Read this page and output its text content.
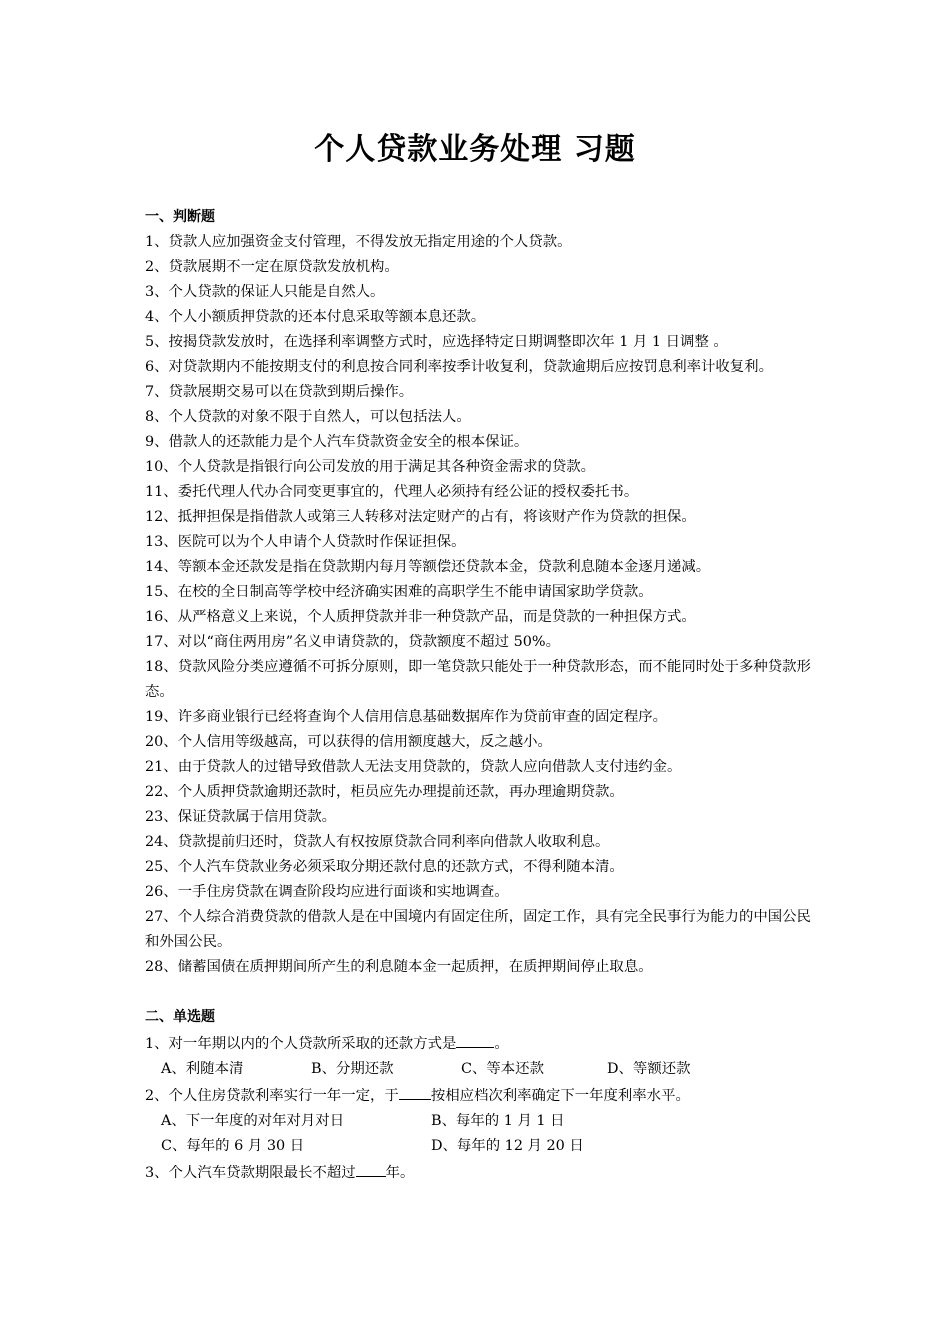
个人贷款业务处理 习题
一、判断题
1、贷款人应加强资金支付管理，不得发放无指定用途的个人贷款。
2、贷款展期不一定在原贷款发放机构。
3、个人贷款的保证人只能是自然人。
4、个人小额质押贷款的还本付息采取等额本息还款。
5、按揭贷款发放时，在选择利率调整方式时，应选择特定日期调整即次年 1 月 1 日调整 。
6、对贷款期内不能按期支付的利息按合同利率按季计收复利，贷款逾期后应按罚息利率计收复利。
7、贷款展期交易可以在贷款到期后操作。
8、个人贷款的对象不限于自然人，可以包括法人。
9、借款人的还款能力是个人汽车贷款资金安全的根本保证。
10、个人贷款是指银行向公司发放的用于满足其各种资金需求的贷款。
11、委托代理人代办合同变更事宜的，代理人必须持有经公证的授权委托书。
12、抵押担保是指借款人或第三人转移对法定财产的占有，将该财产作为贷款的担保。
13、医院可以为个人申请个人贷款时作保证担保。
14、等额本金还款发是指在贷款期内每月等额偿还贷款本金，贷款利息随本金逐月递减。
15、在校的全日制高等学校中经济确实困难的高职学生不能申请国家助学贷款。
16、从严格意义上来说，个人质押贷款并非一种贷款产品，而是贷款的一种担保方式。
17、对以“商住两用房”名义申请贷款的，贷款额度不超过 50%。
18、贷款风险分类应遵循不可拆分原则，即一笔贷款只能处于一种贷款形态，而不能同时处于多种贷款形态。
19、许多商业银行已经将查询个人信用信息基础数据库作为贷前审查的固定程序。
20、个人信用等级越高，可以获得的信用额度越大，反之越小。
21、由于贷款人的过错导致借款人无法支用贷款的，贷款人应向借款人支付违约金。
22、个人质押贷款逾期还款时，柜员应先办理提前还款，再办理逾期贷款。
23、保证贷款属于信用贷款。
24、贷款提前归还时，贷款人有权按原贷款合同利率向借款人收取利息。
25、个人汽车贷款业务必须采取分期还款付息的还款方式，不得利随本清。
26、一手住房贷款在调查阶段均应进行面谈和实地调查。
27、个人综合消费贷款的借款人是在中国境内有固定住所，固定工作，具有完全民事行为能力的中国公民和外国公民。
28、储蓄国债在质押期间所产生的利息随本金一起质押，在质押期间停止取息。
二、单选题
1、对一年期以内的个人贷款所采取的还款方式是	。
A、利随本清	B、分期还款	C、等本还款	D、等额还款
2、个人住房贷款利率实行一年一定，于 按相应档次利率确定下一年度利率水平。
A、下一年度的对年对月对日	B、每年的 1 月 1 日
C、每年的 6 月 30 日	D、每年的 12 月 20 日
3、个人汽车贷款期限最长不超过 年。
